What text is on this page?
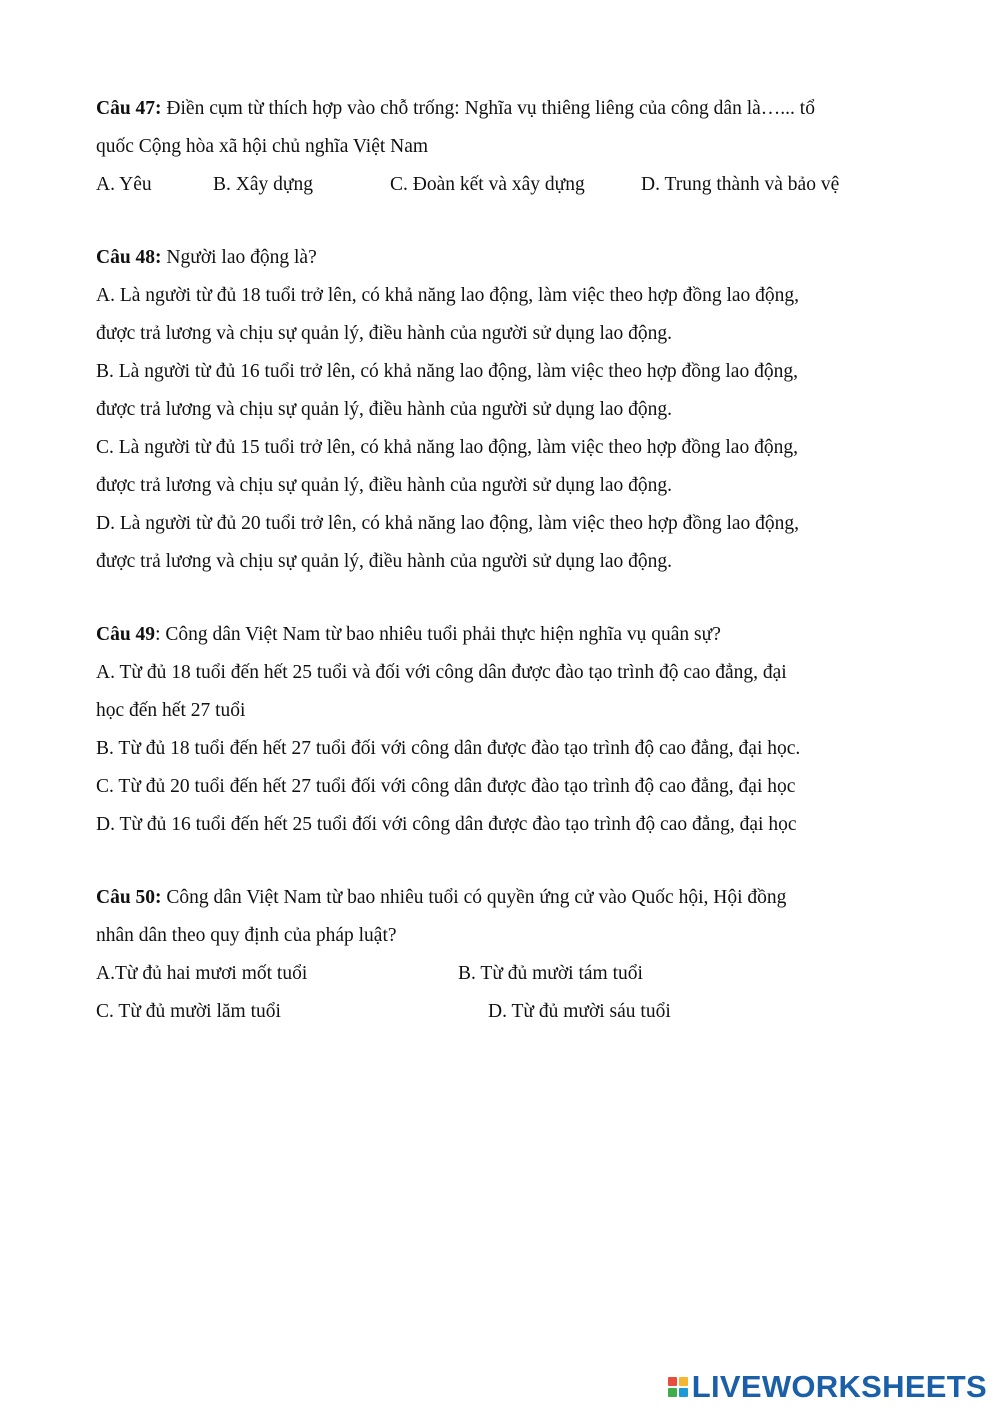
Câu 47: Điền cụm từ thích hợp vào chỗ trống: Nghĩa vụ thiêng liêng của công dân là…... tổ
quốc Cộng hòa xã hội chủ nghĩa Việt Nam
A. Yêu	B. Xây dựng	C. Đoàn kết và xây dựng	D. Trung thành và bảo vệ
Câu 48: Người lao động là?
A. Là người từ đủ 18 tuổi trở lên, có khả năng lao động, làm việc theo hợp đồng lao động,
được trả lương và chịu sự quản lý, điều hành của người sử dụng lao động.
B. Là người từ đủ 16 tuổi trở lên, có khả năng lao động, làm việc theo hợp đồng lao động,
được trả lương và chịu sự quản lý, điều hành của người sử dụng lao động.
C. Là người từ đủ 15 tuổi trở lên, có khả năng lao động, làm việc theo hợp đồng lao động,
được trả lương và chịu sự quản lý, điều hành của người sử dụng lao động.
D. Là người từ đủ 20 tuổi trở lên, có khả năng lao động, làm việc theo hợp đồng lao động,
được trả lương và chịu sự quản lý, điều hành của người sử dụng lao động.
Câu 49: Công dân Việt Nam từ bao nhiêu tuổi phải thực hiện nghĩa vụ quân sự?
A. Từ đủ 18 tuổi đến hết 25 tuổi và đối với công dân được đào tạo trình độ cao đẳng, đại
học đến hết 27 tuổi
B. Từ đủ 18 tuổi đến hết 27 tuổi đối với công dân được đào tạo trình độ cao đẳng, đại học.
C. Từ đủ 20 tuổi đến hết 27 tuổi đối với công dân được đào tạo trình độ cao đẳng, đại học
D. Từ đủ 16 tuổi đến hết 25 tuổi đối với công dân được đào tạo trình độ cao đẳng, đại học
Câu 50: Công dân Việt Nam từ bao nhiêu tuổi có quyền ứng cử vào Quốc hội, Hội đồng
nhân dân theo quy định của pháp luật?
A.Từ đủ hai mươi mốt tuổi	B. Từ đủ mười tám tuổi
C. Từ đủ mười lăm tuổi	D. Từ đủ mười sáu tuổi
LIVEWORKSHEETS
